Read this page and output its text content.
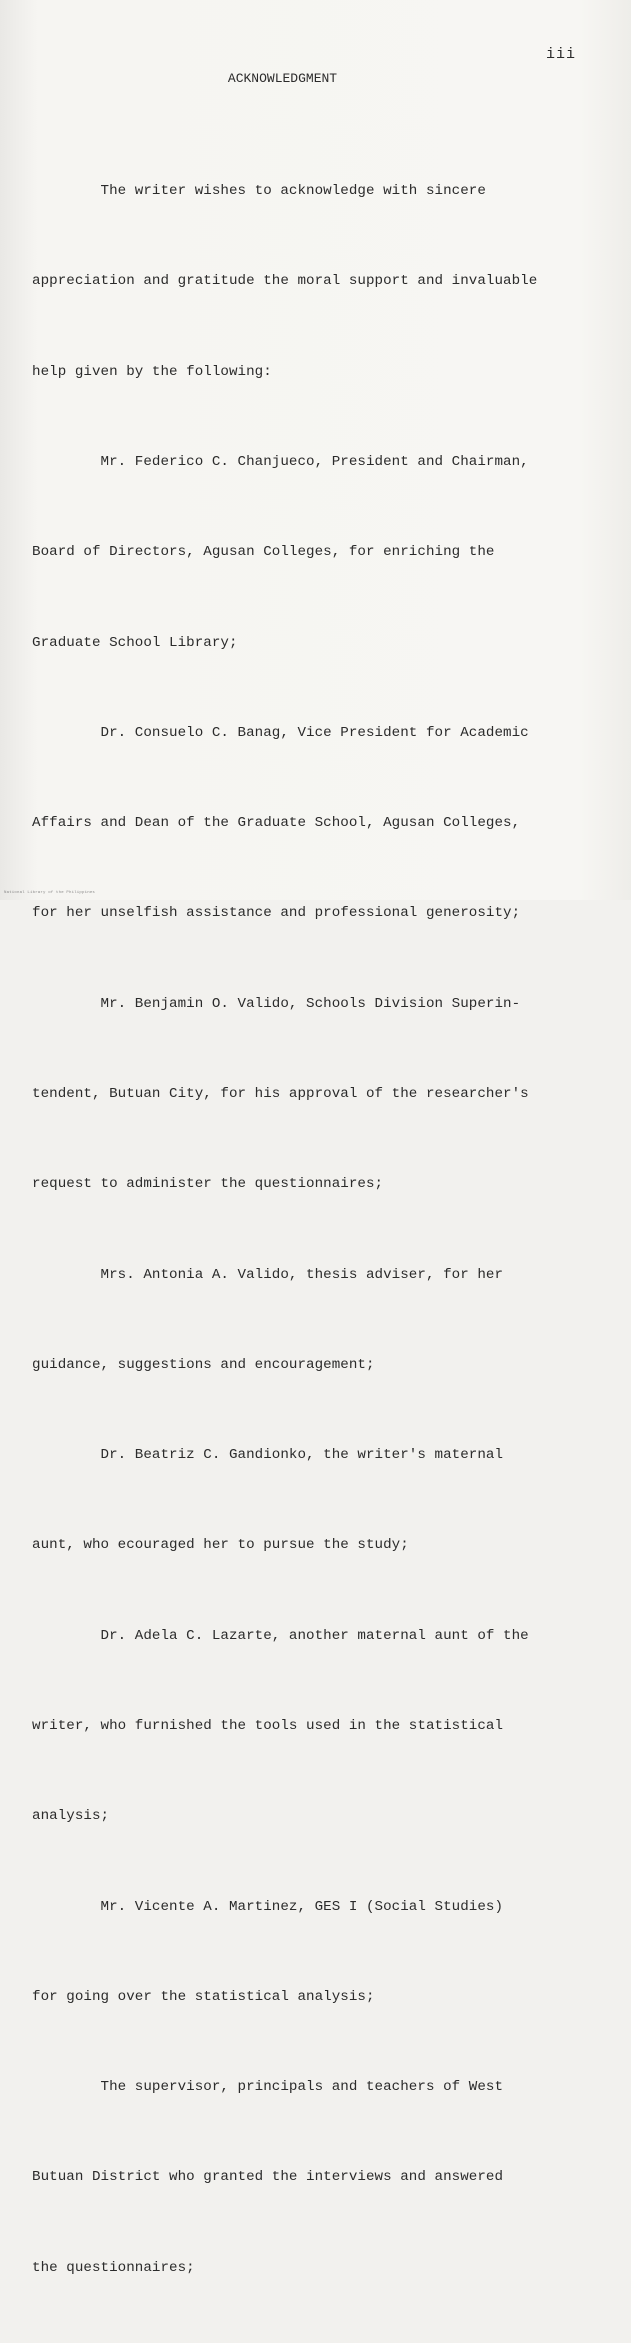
iii
ACKNOWLEDGMENT

The writer wishes to acknowledge with sincere

appreciation and gratitude the moral support and invaluable

help given by the following:

Mr. Federico C. Chanjueco, President and Chairman,

Board of Directors, Agusan Colleges, for enriching the

Graduate School Library;

Dr. Consuelo C. Banag, Vice President for Academic

Affairs and Dean of the Graduate School, Agusan Colleges,

for her unselfish assistance and professional generosity;

Mr. Benjamin O. Valido, Schools Division Superin-

tendent, Butuan City, for his approval of the researcher's

request to administer the questionnaires;

Mrs. Antonia A. Valido, thesis adviser, for her

guidance, suggestions and encouragement;

Dr. Beatriz C. Gandionko, the writer's maternal

aunt, who ecouraged her to pursue the study;

Dr. Adela C. Lazarte, another maternal aunt of the

writer, who furnished the tools used in the statistical

analysis;

Mr. Vicente A. Martinez, GES I (Social Studies)

for going over the statistical analysis;

The supervisor, principals and teachers of West

Butuan District who granted the interviews and answered

the questionnaires;

National Library of the Philippines
